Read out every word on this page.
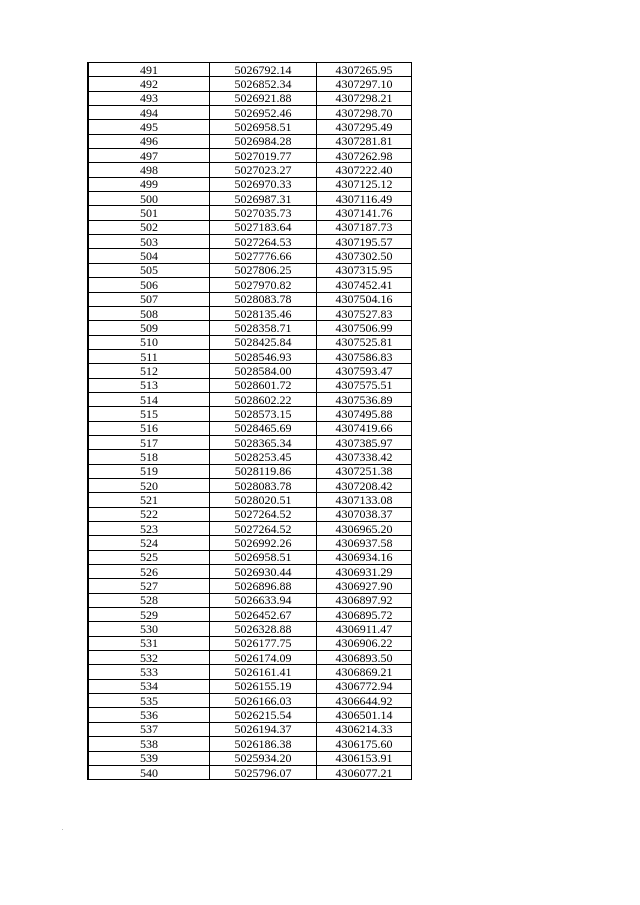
491	5026792.14	4307265.95
492	5026852.34	4307297.10
493	5026921.88	4307298.21
494	5026952.46	4307298.70
495	5026958.51	4307295.49
496	5026984.28	4307281.81
497	5027019.77	4307262.98
498	5027023.27	4307222.40
499	5026970.33	4307125.12
500	5026987.31	4307116.49
501	5027035.73	4307141.76
502	5027183.64	4307187.73
503	5027264.53	4307195.57
504	5027776.66	4307302.50
505	5027806.25	4307315.95
506	5027970.82	4307452.41
507	5028083.78	4307504.16
508	5028135.46	4307527.83
509	5028358.71	4307506.99
510	5028425.84	4307525.81
511	5028546.93	4307586.83
512	5028584.00	4307593.47
513	5028601.72	4307575.51
514	5028602.22	4307536.89
515	5028573.15	4307495.88
516	5028465.69	4307419.66
517	5028365.34	4307385.97
518	5028253.45	4307338.42
519	5028119.86	4307251.38
520	5028083.78	4307208.42
521	5028020.51	4307133.08
522	5027264.52	4307038.37
523	5027264.52	4306965.20
524	5026992.26	4306937.58
525	5026958.51	4306934.16
526	5026930.44	4306931.29
527	5026896.88	4306927.90
528	5026633.94	4306897.92
529	5026452.67	4306895.72
530	5026328.88	4306911.47
531	5026177.75	4306906.22
532	5026174.09	4306893.50
533	5026161.41	4306869.21
534	5026155.19	4306772.94
535	5026166.03	4306644.92
536	5026215.54	4306501.14
537	5026194.37	4306214.33
538	5026186.38	4306175.60
539	5025934.20	4306153.91
540	5025796.07	4306077.21
